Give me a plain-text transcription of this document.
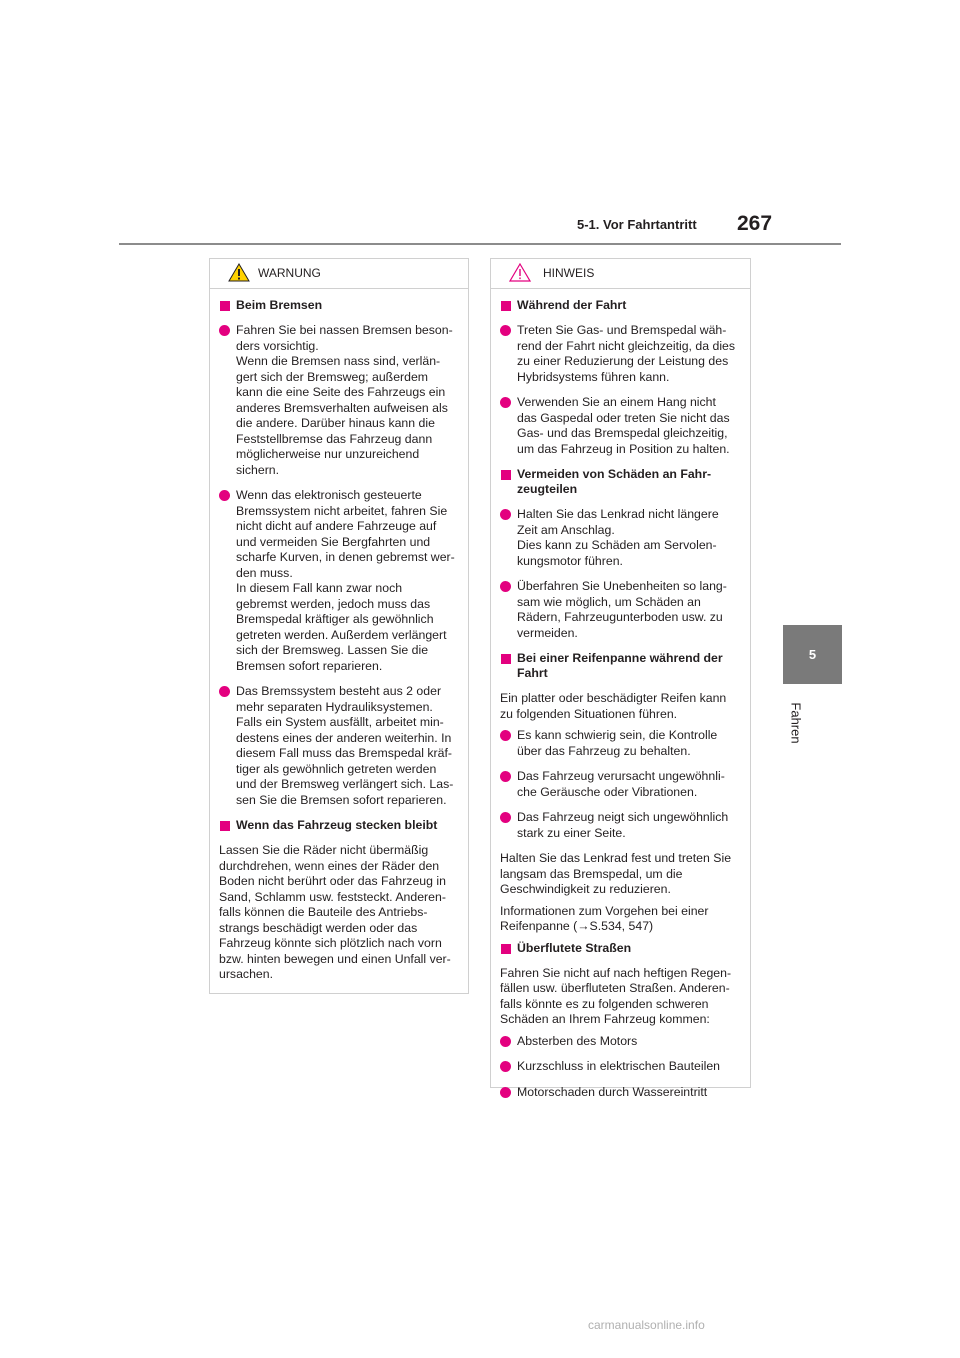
5-1. Vor Fahrtantritt 267
5
Fahren
WARNUNG
Beim Bremsen
Fahren Sie bei nassen Bremsen beson-
ders vorsichtig.
Wenn die Bremsen nass sind, verlän-
gert sich der Bremsweg; außerdem
kann die eine Seite des Fahrzeugs ein
anderes Bremsverhalten aufweisen als
die andere. Darüber hinaus kann die
Feststellbremse das Fahrzeug dann
möglicherweise nur unzureichend
sichern.
Wenn das elektronisch gesteuerte
Bremssystem nicht arbeitet, fahren Sie
nicht dicht auf andere Fahrzeuge auf
und vermeiden Sie Bergfahrten und
scharfe Kurven, in denen gebremst wer-
den muss.
In diesem Fall kann zwar noch
gebremst werden, jedoch muss das
Bremspedal kräftiger als gewöhnlich
getreten werden. Außerdem verlängert
sich der Bremsweg. Lassen Sie die
Bremsen sofort reparieren.
Das Bremssystem besteht aus 2 oder
mehr separaten Hydrauliksystemen.
Falls ein System ausfällt, arbeitet min-
destens eines der anderen weiterhin. In
diesem Fall muss das Bremspedal kräf-
tiger als gewöhnlich getreten werden
und der Bremsweg verlängert sich. Las-
sen Sie die Bremsen sofort reparieren.
Wenn das Fahrzeug stecken bleibt
Lassen Sie die Räder nicht übermäßig
durchdrehen, wenn eines der Räder den
Boden nicht berührt oder das Fahrzeug in
Sand, Schlamm usw. feststeckt. Anderen-
falls können die Bauteile des Antriebs-
strangs beschädigt werden oder das
Fahrzeug könnte sich plötzlich nach vorn
bzw. hinten bewegen und einen Unfall ver-
ursachen.
HINWEIS
Während der Fahrt
Treten Sie Gas- und Bremspedal wäh-
rend der Fahrt nicht gleichzeitig, da dies
zu einer Reduzierung der Leistung des
Hybridsystems führen kann.
Verwenden Sie an einem Hang nicht
das Gaspedal oder treten Sie nicht das
Gas- und das Bremspedal gleichzeitig,
um das Fahrzeug in Position zu halten.
Vermeiden von Schäden an Fahr-
zeugteilen
Halten Sie das Lenkrad nicht längere
Zeit am Anschlag.
Dies kann zu Schäden am Servolen-
kungsmotor führen.
Überfahren Sie Unebenheiten so lang-
sam wie möglich, um Schäden an
Rädern, Fahrzeugunterboden usw. zu
vermeiden.
Bei einer Reifenpanne während der
Fahrt
Ein platter oder beschädigter Reifen kann
zu folgenden Situationen führen.
Es kann schwierig sein, die Kontrolle
über das Fahrzeug zu behalten.
Das Fahrzeug verursacht ungewöhnli-
che Geräusche oder Vibrationen.
Das Fahrzeug neigt sich ungewöhnlich
stark zu einer Seite.
Halten Sie das Lenkrad fest und treten Sie
langsam das Bremspedal, um die
Geschwindigkeit zu reduzieren.
Informationen zum Vorgehen bei einer
Reifenpanne (→S.534, 547)
Überflutete Straßen
Fahren Sie nicht auf nach heftigen Regen-
fällen usw. überfluteten Straßen. Anderen-
falls könnte es zu folgenden schweren
Schäden an Ihrem Fahrzeug kommen:
Absterben des Motors
Kurzschluss in elektrischen Bauteilen
Motorschaden durch Wassereintritt
carmanualsonline.info
